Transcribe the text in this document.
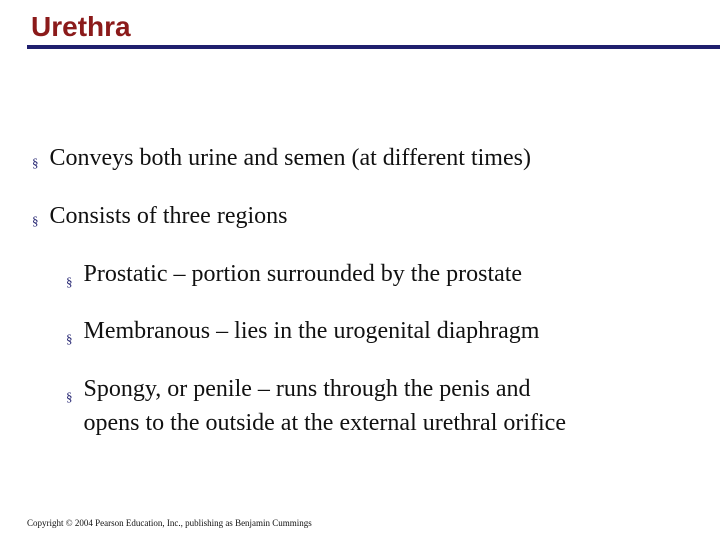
Urethra
§ Conveys both urine and semen (at different times)
§ Consists of three regions
§ Prostatic – portion surrounded by the prostate
§ Membranous – lies in the urogenital diaphragm
§ Spongy, or penile – runs through the penis and
opens to the outside at the external urethral orifice
Copyright © 2004 Pearson Education, Inc., publishing as Benjamin Cummings
